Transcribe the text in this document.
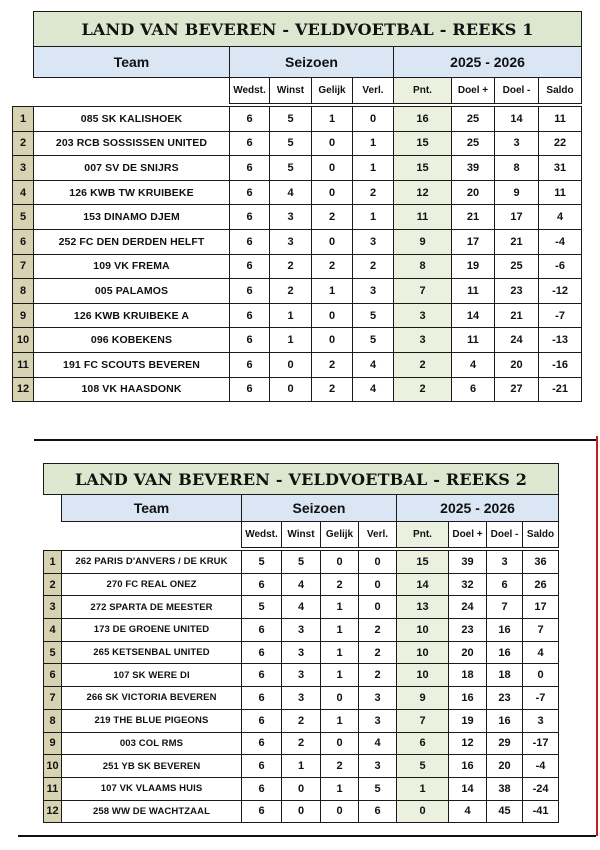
	LAND VAN BEVEREN - VELDVOETBAL - REEKS 1								
	Team	Seizoen				2025 - 2026			
		Wedst.	Winst	Gelijk	Verl.	Pnt.	Doel +	Doel -	Saldo

1	085 SK KALISHOEK	6	5	1	0	16	25	14	11
2	203 RCB SOSSISSEN UNITED	6	5	0	1	15	25	3	22
3	007 SV DE SNIJRS	6	5	0	1	15	39	8	31
4	126 KWB TW KRUIBEKE	6	4	0	2	12	20	9	11
5	153 DINAMO DJEM	6	3	2	1	11	21	17	4
6	252 FC DEN DERDEN HELFT	6	3	0	3	9	17	21	-4
7	109 VK FREMA	6	2	2	2	8	19	25	-6
8	005 PALAMOS	6	2	1	3	7	11	23	-12
9	126 KWB KRUIBEKE A	6	1	0	5	3	14	21	-7
10	096 KOBEKENS	6	1	0	5	3	11	24	-13
11	191 FC SCOUTS BEVEREN	6	0	2	4	2	4	20	-16
12	108 VK HAASDONK	6	0	2	4	2	6	27	-21
LAND VAN BEVEREN - VELDVOETBAL - REEKS 2									
	Team	Seizoen				2025 - 2026			
		Wedst.	Winst	Gelijk	Verl.	Pnt.	Doel +	Doel -	Saldo

1	262 PARIS D'ANVERS / DE KRUK	5	5	0	0	15	39	3	36
2	270 FC REAL ONEZ	6	4	2	0	14	32	6	26
3	272 SPARTA DE MEESTER	5	4	1	0	13	24	7	17
4	173 DE GROENE UNITED	6	3	1	2	10	23	16	7
5	265 KETSENBAL UNITED	6	3	1	2	10	20	16	4
6	107 SK WERE DI	6	3	1	2	10	18	18	0
7	266 SK VICTORIA BEVEREN	6	3	0	3	9	16	23	-7
8	219 THE BLUE PIGEONS	6	2	1	3	7	19	16	3
9	003 COL RMS	6	2	0	4	6	12	29	-17
10	251 YB SK BEVEREN	6	1	2	3	5	16	20	-4
11	107 VK VLAAMS HUIS	6	0	1	5	1	14	38	-24
12	258 WW DE WACHTZAAL	6	0	0	6	0	4	45	-41
